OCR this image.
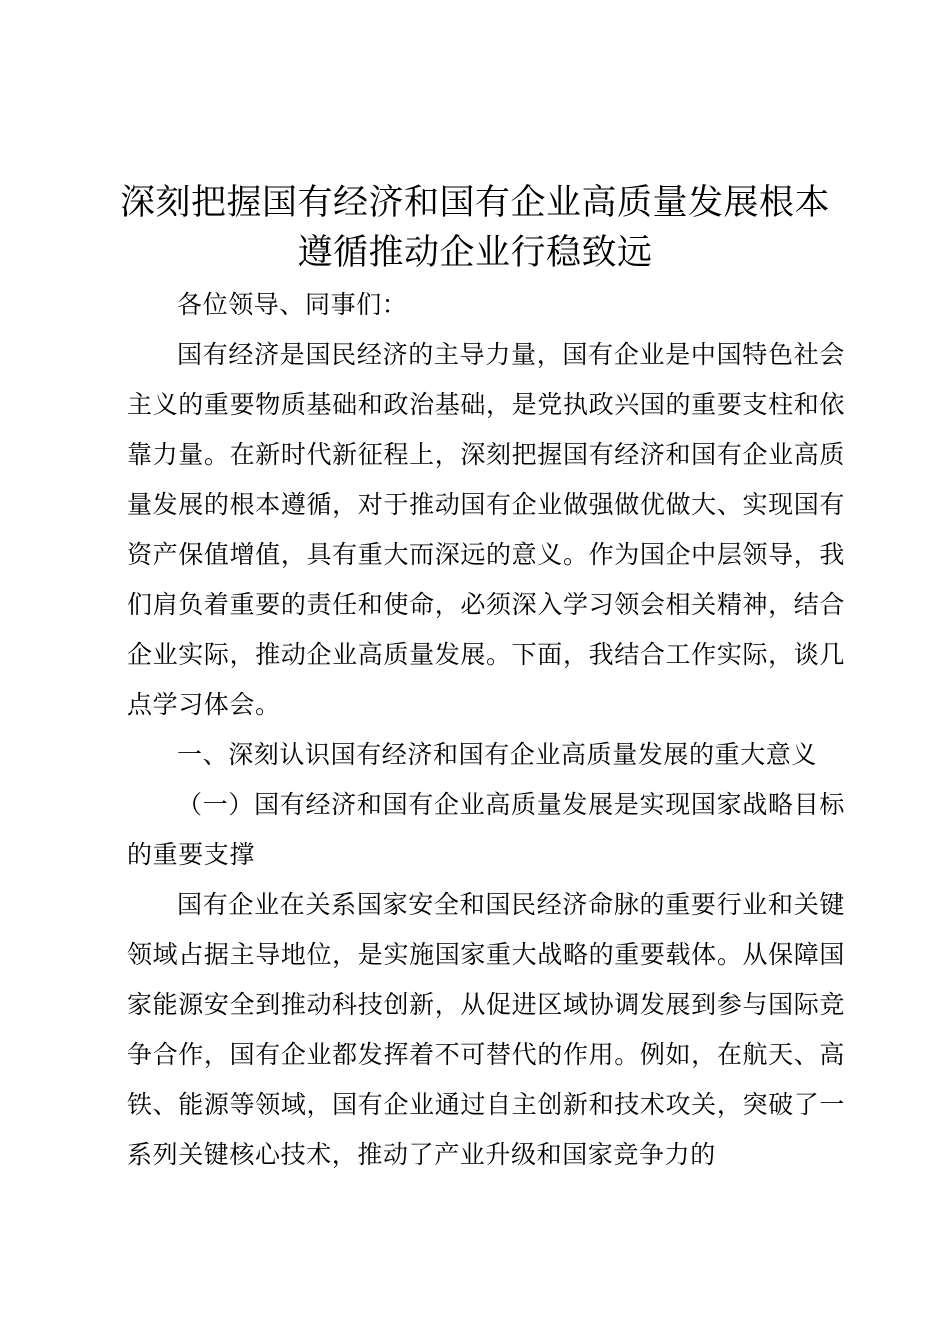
深刻把握国有经济和国有企业高质量发展根本遵循推动企业行稳致远

各位领导、同事们：

国有经济是国民经济的主导力量，国有企业是中国特色社会主义的重要物质基础和政治基础，是党执政兴国的重要支柱和依靠力量。在新时代新征程上，深刻把握国有经济和国有企业高质量发展的根本遵循，对于推动国有企业做强做优做大、实现国有资产保值增值，具有重大而深远的意义。作为国企中层领导，我们肩负着重要的责任和使命，必须深入学习领会相关精神，结合企业实际，推动企业高质量发展。下面，我结合工作实际，谈几点学习体会。

一、深刻认识国有经济和国有企业高质量发展的重大意义

（一）国有经济和国有企业高质量发展是实现国家战略目标的重要支撑

国有企业在关系国家安全和国民经济命脉的重要行业和关键领域占据主导地位，是实施国家重大战略的重要载体。从保障国家能源安全到推动科技创新，从促进区域协调发展到参与国际竞争合作，国有企业都发挥着不可替代的作用。例如，在航天、高铁、能源等领域，国有企业通过自主创新和技术攻关，突破了一系列关键核心技术，推动了产业升级和国家竞争力的
